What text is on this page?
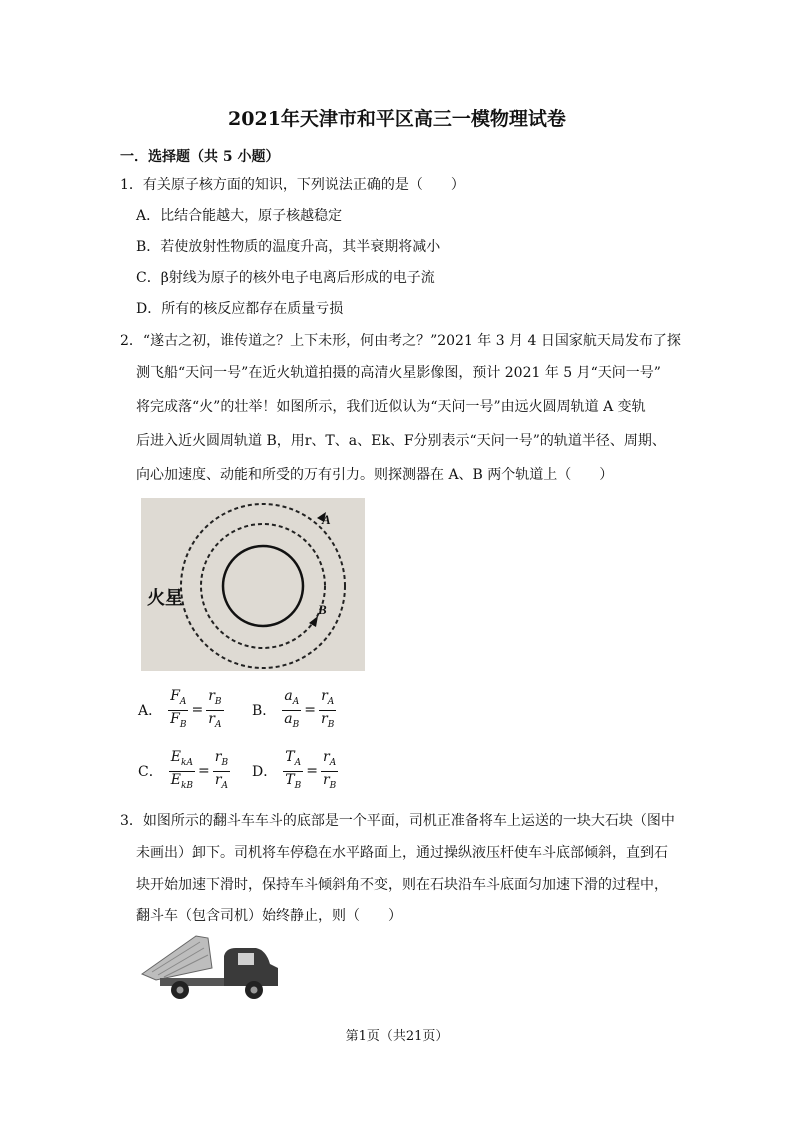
2021年天津市和平区高三一模物理试卷
一．选择题（共 5 小题）
1．有关原子核方面的知识，下列说法正确的是（　　）
A．比结合能越大，原子核越稳定
B．若使放射性物质的温度升高，其半衰期将减小
C．β射线为原子的核外电子电离后形成的电子流
D．所有的核反应都存在质量亏损
2．“遂古之初，谁传道之？上下未形，何由考之？”2021 年 3 月 4 日国家航天局发布了探
测飞船“天问一号”在近火轨道拍摄的高清火星影像图，预计 2021 年 5 月“天问一号”
将完成落“火”的壮举！如图所示，我们近似认为“天问一号”由远火圆周轨道 A 变轨
后进入近火圆周轨道 B，用r、T、a、Ek、F分别表示“天问一号”的轨道半径、周期、
向心加速度、动能和所受的万有引力。则探测器在 A、B 两个轨道上（　　）
火星
A
B
A． $\frac{F_A}{F_B} = \frac{r_B}{r_A}$ B． $\frac{a_A}{a_B} = \frac{r_A}{r_B}$
C． $\frac{E_{kA}}{E_{kB}} = \frac{r_B}{r_A}$ D． $\frac{T_A}{T_B} = \frac{r_A}{r_B}$
3．如图所示的翻斗车车斗的底部是一个平面，司机正准备将车上运送的一块大石块（图中
未画出）卸下。司机将车停稳在水平路面上，通过操纵液压杆使车斗底部倾斜，直到石
块开始加速下滑时，保持车斗倾斜角不变，则在石块沿车斗底面匀加速下滑的过程中，
翻斗车（包含司机）始终静止，则（　　）
第1页（共21页）
